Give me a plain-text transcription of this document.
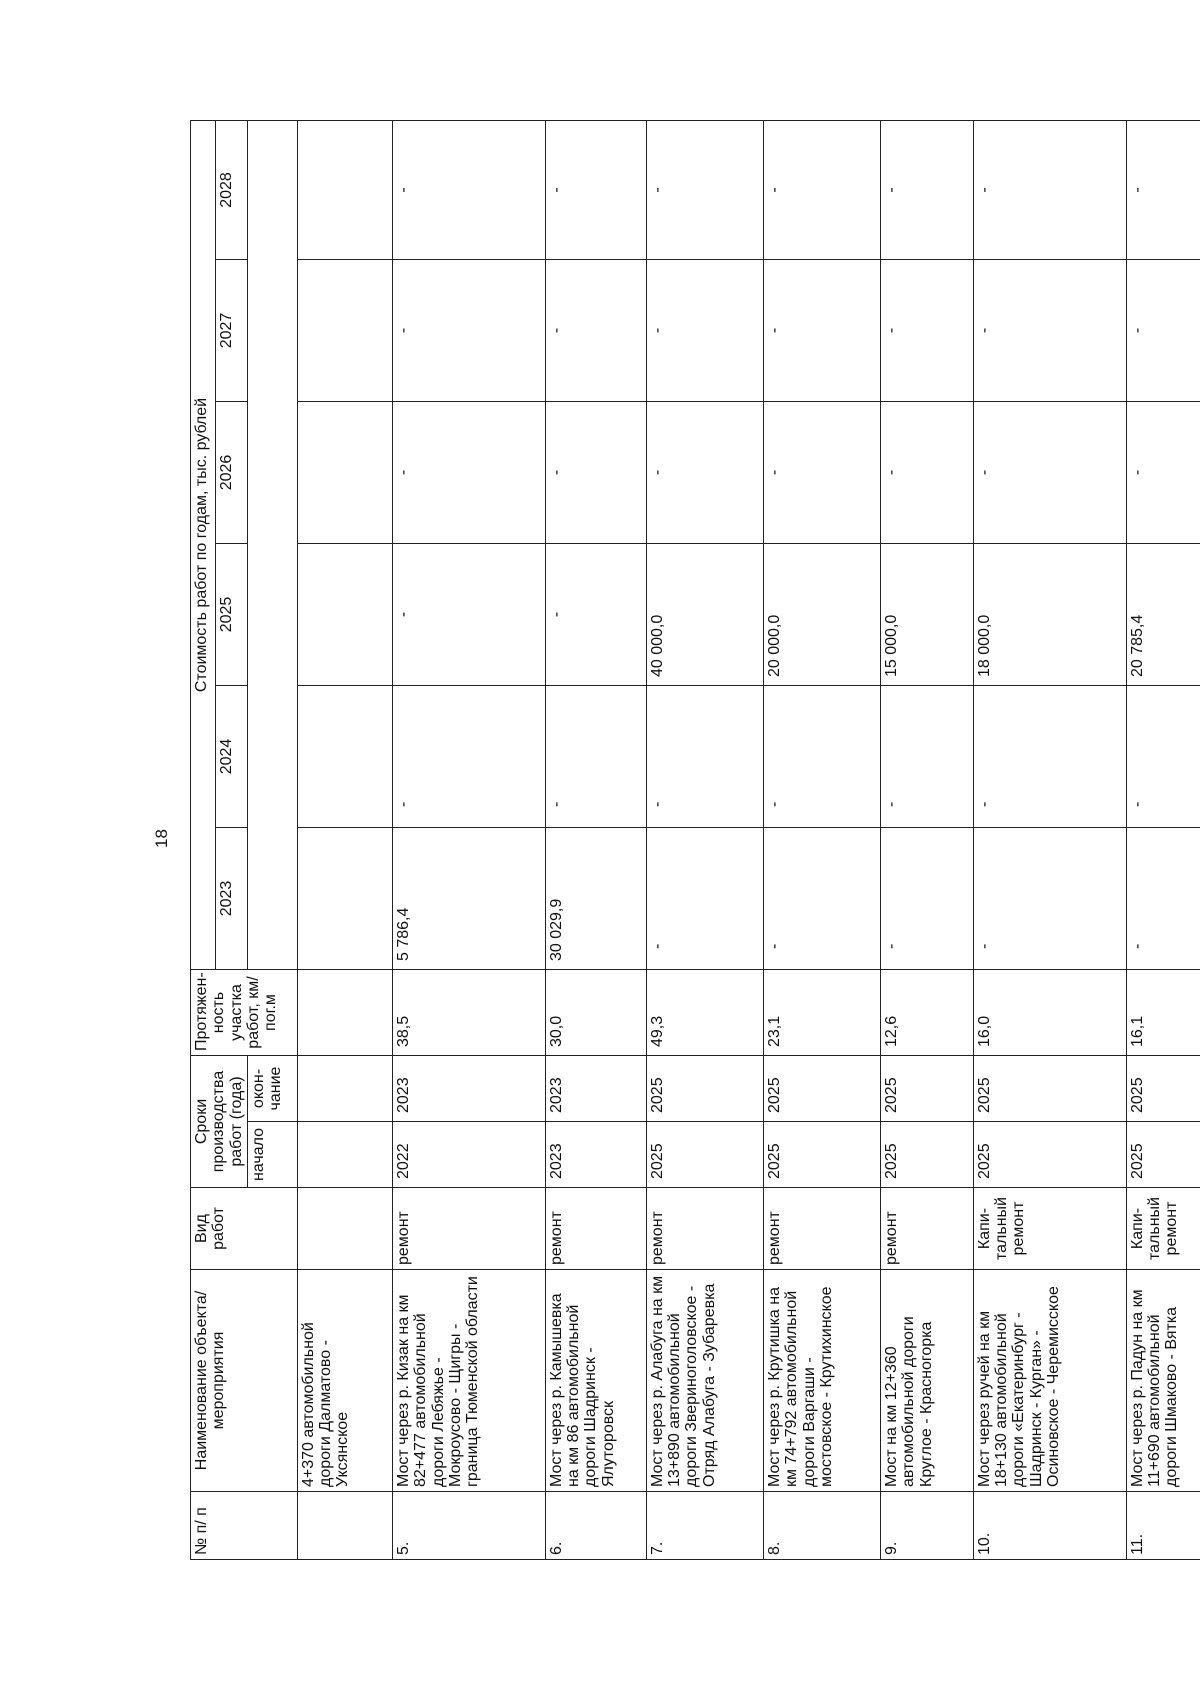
18
№ п/ п	Наименование объекта/ мероприятия	Вид работ	Сроки производства работ (года)		Протяжен-ность участка работ, км/ пог.м	Стоимость работ по годам, тыс. рублей					
						2023	2024	2025	2026	2027	2028
			начало	окон-чание							
	4+370 автомобильной дороги Далматово - Уксянское										
5.	Мост через р. Кизак на км 82+477 автомобильной дороги Лебяжье - Мокроусово - Щигры - граница Тюменской области	ремонт	2022	2023	38,5	5 786,4	-	-	-	-	-
6.	Мост через р. Камышевка на км 86 автомобильной дороги Шадринск - Ялуторовск	ремонт	2023	2023	30,0	30 029,9	-	-	-	-	-
7.	Мост через р. Алабуга на км 13+890 автомобильной дороги Звериноголовское - Отряд Алабуга - Зубаревка	ремонт	2025	2025	49,3	-	-	40 000,0	-	-	-
8.	Мост через р. Крутишка на км 74+792 автомобильной дороги Варгаши - мостовское - Крутихинское	ремонт	2025	2025	23,1	-	-	20 000,0	-	-	-
9.	Мост на км 12+360 автомобильной дороги Круглое - Красногорка	ремонт	2025	2025	12,6	-	-	15 000,0	-	-	-
10.	Мост через ручей на км 18+130 автомобильной дороги «Екатеринбург - Шадринск - Курган» - Осиновское - Черемисское	Капи-тальный ремонт	2025	2025	16,0	-	-	18 000,0	-	-	-
11.	Мост через р. Падун на км 11+690 автомобильной дороги Шмаково - Вятка	Капи-тальный ремонт	2025	2025	16,1	-	-	20 785,4	-	-	-
